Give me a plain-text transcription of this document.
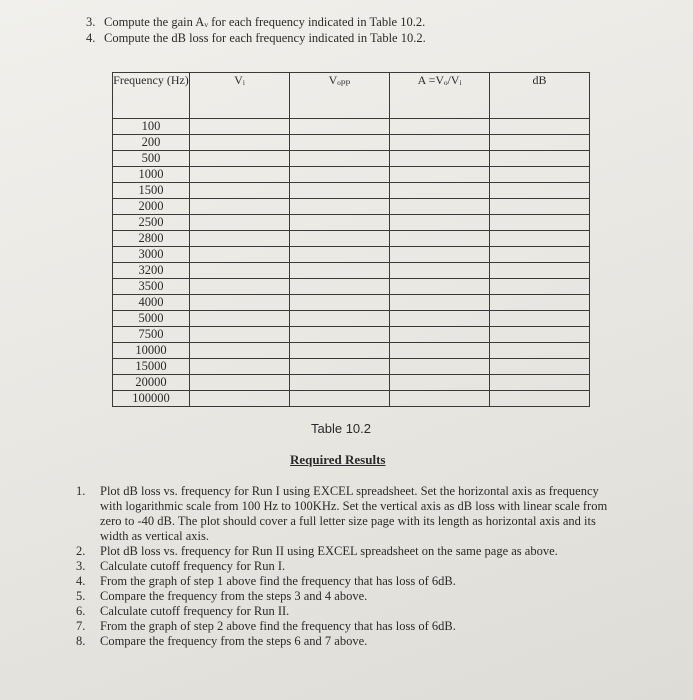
3. Compute the gain Aᵥ for each frequency indicated in Table 10.2.
4. Compute the dB loss for each frequency indicated in Table 10.2.
Frequency (Hz)	Vᵢ	Vₒₚₚ	A =Vₒ/Vᵢ	dB
100				
200				
500				
1000				
1500				
2000				
2500				
2800				
3000				
3200				
3500				
4000				
5000				
7500				
10000				
15000				
20000				
100000				
Table 10.2
Required Results
1.	Plot dB loss vs. frequency for Run I using EXCEL spreadsheet. Set the horizontal axis as frequency with logarithmic scale from 100 Hz to 100KHz. Set the vertical axis as dB loss with linear scale from zero to -40 dB. The plot should cover a full letter size page with its length as horizontal axis and its width as vertical axis.
2.	Plot dB loss vs. frequency for Run II using EXCEL spreadsheet on the same page as above.
3.	Calculate cutoff frequency for Run I.
4.	From the graph of step 1 above find the frequency that has loss of 6dB.
5.	Compare the frequency from the steps 3 and 4 above.
6.	Calculate cutoff frequency for Run II.
7.	From the graph of step 2 above find the frequency that has loss of 6dB.
8.	Compare the frequency from the steps 6 and 7 above.
